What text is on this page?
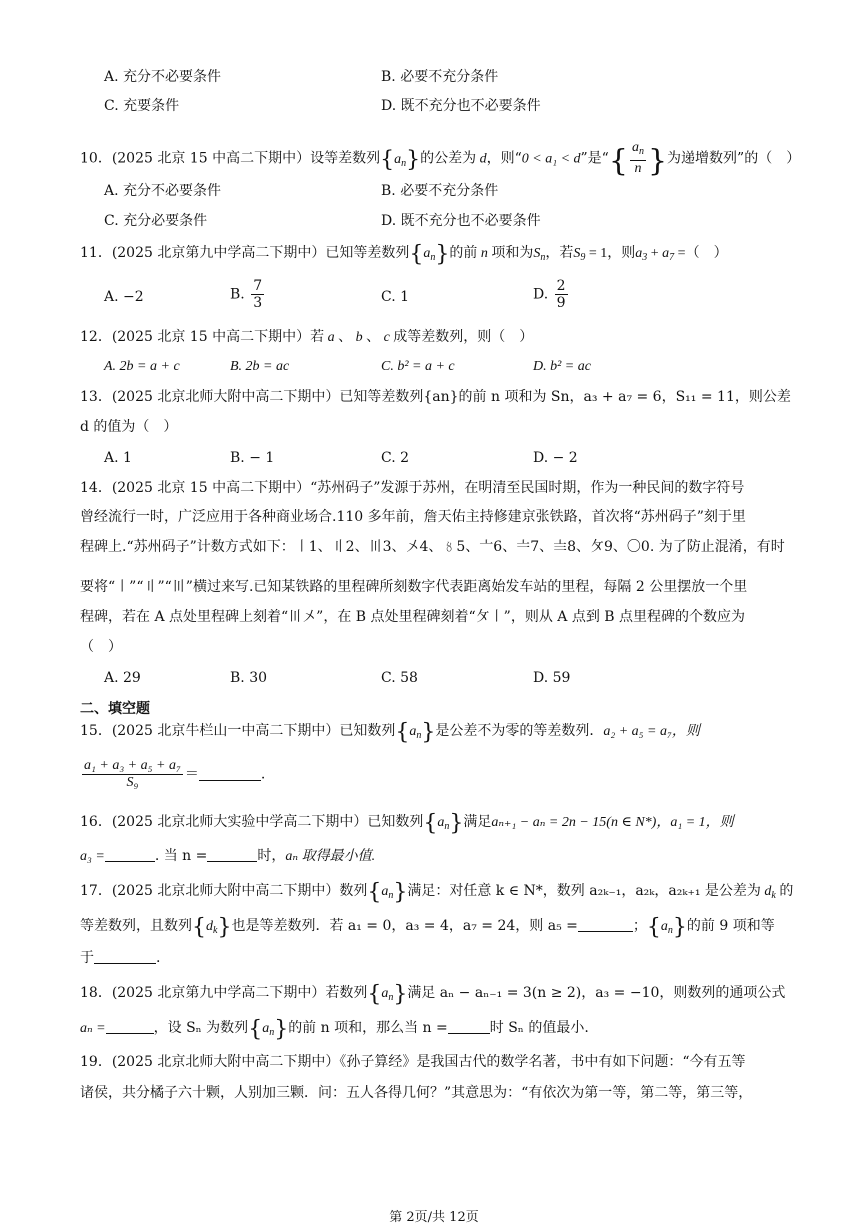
A. 充分不必要条件	B. 必要不充分条件
C. 充要条件	D. 既不充分也不必要条件
10．(2025 北京 15 中高二下期中）设等差数列$\{a_n\}$的公差为 d，则“0 < a₁ < d”是“{ $\frac{a_n}{n}$ }为递增数列”的（　）
A. 充分不必要条件	B. 必要不充分条件
C. 充分必要条件	D. 既不充分也不必要条件
11．(2025 北京第九中学高二下期中）已知等差数列$\{a_n\}$的前 n 项和为$S_n$，若$S_9 = 1$，则$a_3 + a_7$ =（　）
A. −2	B. $\frac{7}{3}$	C. 1	D. $\frac{2}{9}$
12．(2025 北京 15 中高二下期中）若 a 、 b 、 c 成等差数列，则（　）
A. 2b = a + c	B. 2b = ac	C. b² = a + c	D. b² = ac
13．(2025 北京北师大附中高二下期中）已知等差数列{an}的前 n 项和为 Sn，a₃ + a₇ = 6，S₁₁ = 11，则公差
d 的值为（　）
A. 1	B. − 1	C. 2	D. − 2
14．(2025 北京 15 中高二下期中）“苏州码子”发源于苏州，在明清至民国时期，作为一种民间的数字符号
曾经流行一时，广泛应用于各种商业场合.110 多年前，詹天佑主持修建京张铁路，首次将“苏州码子”刻于里
程碑上.“苏州码子”计数方式如下：〡1、〢2、〣3、〤4、〥5、〦6、〧7、〨8、〩9、〇0. 为了防止混淆，有时
要将“〡”“〢”“〣”横过来写.已知某铁路的里程碑所刻数字代表距离始发车站的里程，每隔 2 公里摆放一个里
程碑，若在 A 点处里程碑上刻着“〣〤”，在 B 点处里程碑刻着“〩〡”，则从 A 点到 B 点里程碑的个数应为
（　）
A. 29	B. 30	C. 58	D. 59
二、填空题
15．(2025 北京牛栏山一中高二下期中）已知数列$\{a_n\}$是公差不为零的等差数列．a₂ + a₅ = a₇，则
$\frac{\text{a₁ + a₃ + a₅ + a₇}}{\text{S₉}}$ ＝	.
16．(2025 北京北师大实验中学高二下期中）已知数列$\{a_n\}$满足aₙ₊₁ − aₙ = 2n − 15(n ∈ N*)，a₁ = 1，则
a₃ =	. 当 n =	时，aₙ 取得最小值.
17．(2025 北京北师大附中高二下期中）数列$\{a_n\}$满足：对任意 k ∈ N*，数列 a₂ₖ₋₁，a₂ₖ，a₂ₖ₊₁ 是公差为 $d_k$ 的
等差数列，且数列$\{d_k\}$也是等差数列．若 a₁ = 0，a₃ = 4，a₇ = 24，则 a₅ =	；$\{a_n\}$的前 9 项和等
于	.
18．(2025 北京第九中学高二下期中）若数列$\{a_n\}$满足 aₙ − aₙ₋₁ = 3(n ≥ 2)，a₃ = −10，则数列的通项公式
aₙ =	，设 Sₙ 为数列$\{a_n\}$的前 n 项和，那么当 n =	时 Sₙ 的值最小.
19．(2025 北京北师大附中高二下期中）《孙子算经》是我国古代的数学名著，书中有如下问题：“今有五等
诸侯，共分橘子六十颗，人别加三颗．问：五人各得几何？”其意思为：“有依次为第一等，第二等，第三等，
第 2页/共 12页
